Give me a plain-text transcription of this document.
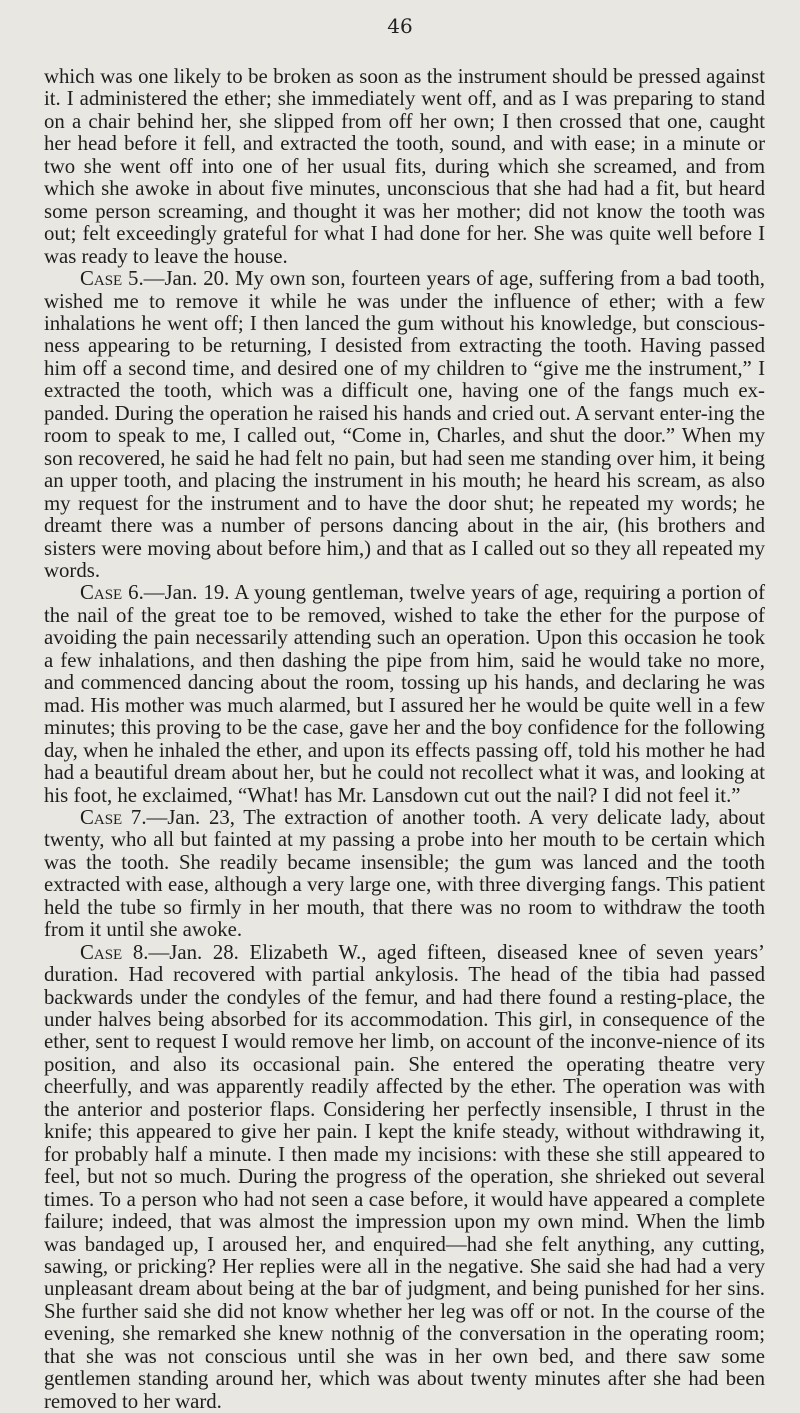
46

which was one likely to be broken as soon as the instrument should be pressed against it. I administered the ether; she immediately went off, and as I was preparing to stand on a chair behind her, she slipped from off her own; I then crossed that one, caught her head before it fell, and extracted the tooth, sound, and with ease; in a minute or two she went off into one of her usual fits, during which she screamed, and from which she awoke in about five minutes, unconscious that she had had a fit, but heard some person screaming, and thought it was her mother; did not know the tooth was out; felt exceedingly grateful for what I had done for her. She was quite well before I was ready to leave the house.

Case 5.—Jan. 20. My own son, fourteen years of age, suffering from a bad tooth, wished me to remove it while he was under the influence of ether; with a few inhalations he went off; I then lanced the gum without his knowledge, but conscious-ness appearing to be returning, I desisted from extracting the tooth. Having passed him off a second time, and desired one of my children to “give me the instrument,” I extracted the tooth, which was a difficult one, having one of the fangs much ex-panded. During the operation he raised his hands and cried out. A servant enter-ing the room to speak to me, I called out, “Come in, Charles, and shut the door.” When my son recovered, he said he had felt no pain, but had seen me standing over him, it being an upper tooth, and placing the instrument in his mouth; he heard his scream, as also my request for the instrument and to have the door shut; he repeated my words; he dreamt there was a number of persons dancing about in the air, (his brothers and sisters were moving about before him,) and that as I called out so they all repeated my words.

Case 6.—Jan. 19. A young gentleman, twelve years of age, requiring a portion of the nail of the great toe to be removed, wished to take the ether for the purpose of avoiding the pain necessarily attending such an operation. Upon this occasion he took a few inhalations, and then dashing the pipe from him, said he would take no more, and commenced dancing about the room, tossing up his hands, and declaring he was mad. His mother was much alarmed, but I assured her he would be quite well in a few minutes; this proving to be the case, gave her and the boy confidence for the following day, when he inhaled the ether, and upon its effects passing off, told his mother he had had a beautiful dream about her, but he could not recollect what it was, and looking at his foot, he exclaimed, “What! has Mr. Lansdown cut out the nail? I did not feel it.”

Case 7.—Jan. 23, The extraction of another tooth. A very delicate lady, about twenty, who all but fainted at my passing a probe into her mouth to be certain which was the tooth. She readily became insensible; the gum was lanced and the tooth extracted with ease, although a very large one, with three diverging fangs. This patient held the tube so firmly in her mouth, that there was no room to withdraw the tooth from it until she awoke.

Case 8.—Jan. 28. Elizabeth W., aged fifteen, diseased knee of seven years’ duration. Had recovered with partial ankylosis. The head of the tibia had passed backwards under the condyles of the femur, and had there found a resting-place, the under halves being absorbed for its accommodation. This girl, in consequence of the ether, sent to request I would remove her limb, on account of the inconve-nience of its position, and also its occasional pain. She entered the operating theatre very cheerfully, and was apparently readily affected by the ether. The operation was with the anterior and posterior flaps. Considering her perfectly insensible, I thrust in the knife; this appeared to give her pain. I kept the knife steady, without withdrawing it, for probably half a minute. I then made my incisions: with these she still appeared to feel, but not so much. During the progress of the operation, she shrieked out several times. To a person who had not seen a case before, it would have appeared a complete failure; indeed, that was almost the impression upon my own mind. When the limb was bandaged up, I aroused her, and enquired—had she felt anything, any cutting, sawing, or pricking? Her replies were all in the negative. She said she had had a very unpleasant dream about being at the bar of judgment, and being punished for her sins. She further said she did not know whether her leg was off or not. In the course of the evening, she remarked she knew nothnig of the conversation in the operating room; that she was not conscious until she was in her own bed, and there saw some gentlemen standing around her, which was about twenty minutes after she had been removed to her ward.
